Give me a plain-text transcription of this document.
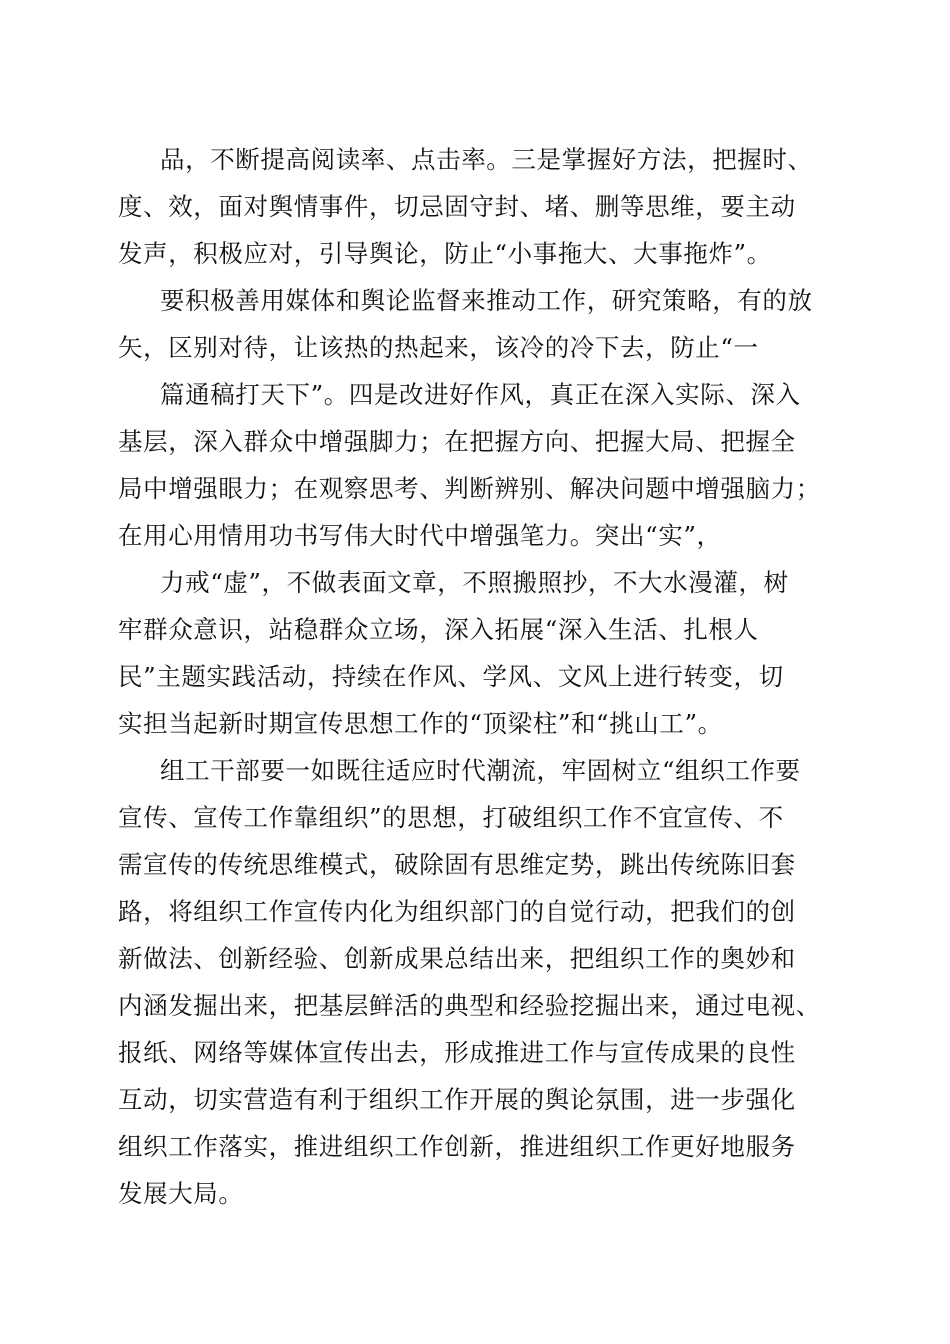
品，不断提高阅读率、点击率。三是掌握好方法，把握时、
度、效，面对舆情事件，切忌固守封、堵、删等思维，要主动
发声，积极应对，引导舆论，防止“小事拖大、大事拖炸”。
要积极善用媒体和舆论监督来推动工作，研究策略，有的放
矢，区别对待，让该热的热起来，该冷的冷下去，防止“一
篇通稿打天下”。四是改进好作风，真正在深入实际、深入
基层，深入群众中增强脚力；在把握方向、把握大局、把握全
局中增强眼力；在观察思考、判断辨别、解决问题中增强脑力；
在用心用情用功书写伟大时代中增强笔力。突出“实”，
力戒“虚”，不做表面文章，不照搬照抄，不大水漫灌，树
牢群众意识，站稳群众立场，深入拓展“深入生活、扎根人
民”主题实践活动，持续在作风、学风、文风上进行转变，切
实担当起新时期宣传思想工作的“顶梁柱”和“挑山工”。
组工干部要一如既往适应时代潮流，牢固树立“组织工作要
宣传、宣传工作靠组织”的思想，打破组织工作不宜宣传、不
需宣传的传统思维模式，破除固有思维定势，跳出传统陈旧套
路，将组织工作宣传内化为组织部门的自觉行动，把我们的创
新做法、创新经验、创新成果总结出来，把组织工作的奥妙和
内涵发掘出来，把基层鲜活的典型和经验挖掘出来，通过电视、
报纸、网络等媒体宣传出去，形成推进工作与宣传成果的良性
互动，切实营造有利于组织工作开展的舆论氛围，进一步强化
组织工作落实，推进组织工作创新，推进组织工作更好地服务
发展大局。
